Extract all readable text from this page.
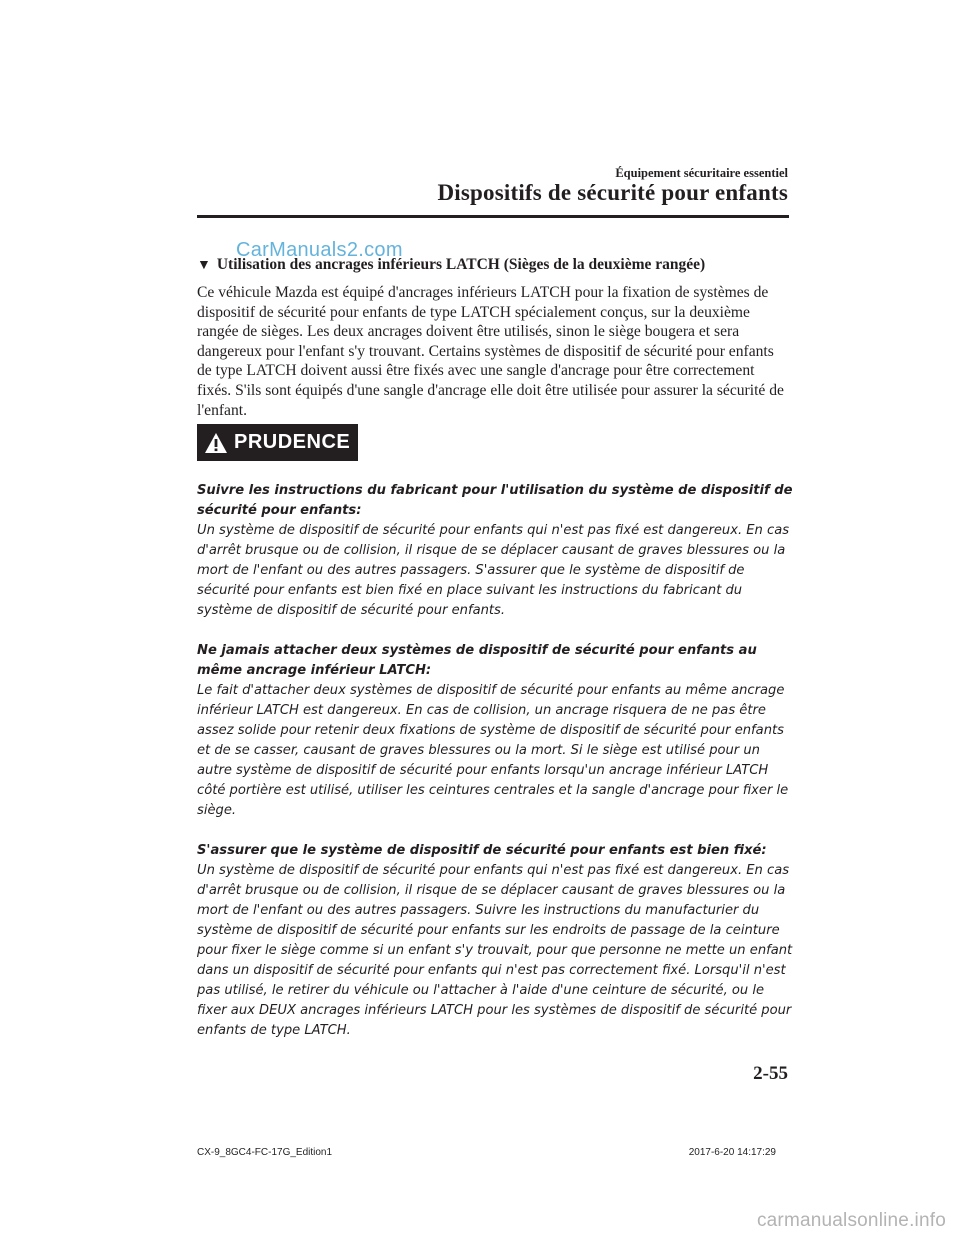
Équipement sécuritaire essentiel
Dispositifs de sécurité pour enfants
▼ Utilisation des ancrages inférieurs LATCH (Sièges de la deuxième rangée)
CarManuals2.com
Ce véhicule Mazda est équipé d'ancrages inférieurs LATCH pour la fixation de systèmes de dispositif de sécurité pour enfants de type LATCH spécialement conçus, sur la deuxième rangée de sièges. Les deux ancrages doivent être utilisés, sinon le siège bougera et sera dangereux pour l'enfant s'y trouvant. Certains systèmes de dispositif de sécurité pour enfants de type LATCH doivent aussi être fixés avec une sangle d'ancrage pour être correctement fixés. S'ils sont équipés d'une sangle d'ancrage elle doit être utilisée pour assurer la sécurité de l'enfant.
PRUDENCE
Suivre les instructions du fabricant pour l'utilisation du système de dispositif de sécurité pour enfants:
Un système de dispositif de sécurité pour enfants qui n'est pas fixé est dangereux. En cas d'arrêt brusque ou de collision, il risque de se déplacer causant de graves blessures ou la mort de l'enfant ou des autres passagers. S'assurer que le système de dispositif de sécurité pour enfants est bien fixé en place suivant les instructions du fabricant du système de dispositif de sécurité pour enfants.
Ne jamais attacher deux systèmes de dispositif de sécurité pour enfants au même ancrage inférieur LATCH:
Le fait d'attacher deux systèmes de dispositif de sécurité pour enfants au même ancrage inférieur LATCH est dangereux. En cas de collision, un ancrage risquera de ne pas être assez solide pour retenir deux fixations de système de dispositif de sécurité pour enfants et de se casser, causant de graves blessures ou la mort. Si le siège est utilisé pour un autre système de dispositif de sécurité pour enfants lorsqu'un ancrage inférieur LATCH côté portière est utilisé, utiliser les ceintures centrales et la sangle d'ancrage pour fixer le siège.
S'assurer que le système de dispositif de sécurité pour enfants est bien fixé:
Un système de dispositif de sécurité pour enfants qui n'est pas fixé est dangereux. En cas d'arrêt brusque ou de collision, il risque de se déplacer causant de graves blessures ou la mort de l'enfant ou des autres passagers. Suivre les instructions du manufacturier du système de dispositif de sécurité pour enfants sur les endroits de passage de la ceinture pour fixer le siège comme si un enfant s'y trouvait, pour que personne ne mette un enfant dans un dispositif de sécurité pour enfants qui n'est pas correctement fixé. Lorsqu'il n'est pas utilisé, le retirer du véhicule ou l'attacher à l'aide d'une ceinture de sécurité, ou le fixer aux DEUX ancrages inférieurs LATCH pour les systèmes de dispositif de sécurité pour enfants de type LATCH.
2-55
CX-9_8GC4-FC-17G_Edition1	2017-6-20 14:17:29
carmanualsonline.info
